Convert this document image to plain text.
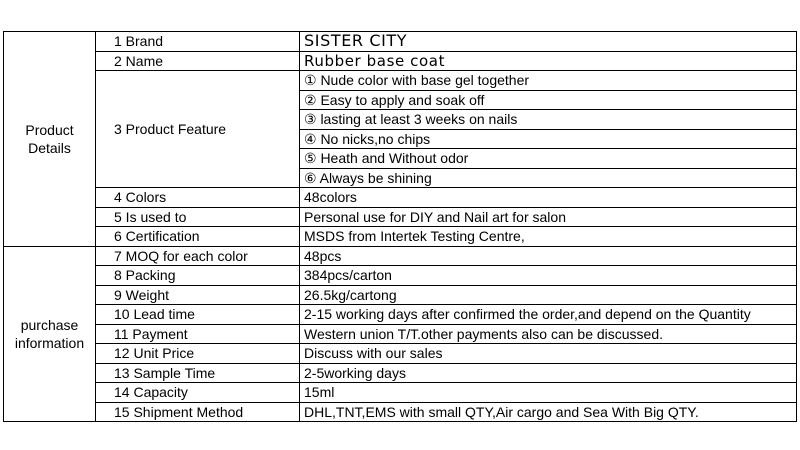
Product Details	1 Brand	SISTER CITY
	2 Name	Rubber base coat
	3 Product Feature	① Nude color with base gel together
		② Easy to apply and soak off
		③ lasting at least 3 weeks on nails
		④ No nicks,no chips
		⑤ Heath and Without odor
		⑥ Always be shining
	4 Colors	48colors
	5 Is used to	Personal use for DIY and Nail art for salon
	6 Certification	MSDS from Intertek Testing Centre,
purchase information	7 MOQ for each color	48pcs
	8 Packing	384pcs/carton
	9 Weight	26.5kg/cartong
	10 Lead time	2-15 working days after confirmed the order,and depend on the Quantity
	11 Payment	Western union T/T.other payments also can be discussed.
	12 Unit Price	Discuss with our sales
	13 Sample Time	2-5working days
	14 Capacity	15ml
	15 Shipment Method	DHL,TNT,EMS with small QTY,Air cargo and Sea With Big QTY.
